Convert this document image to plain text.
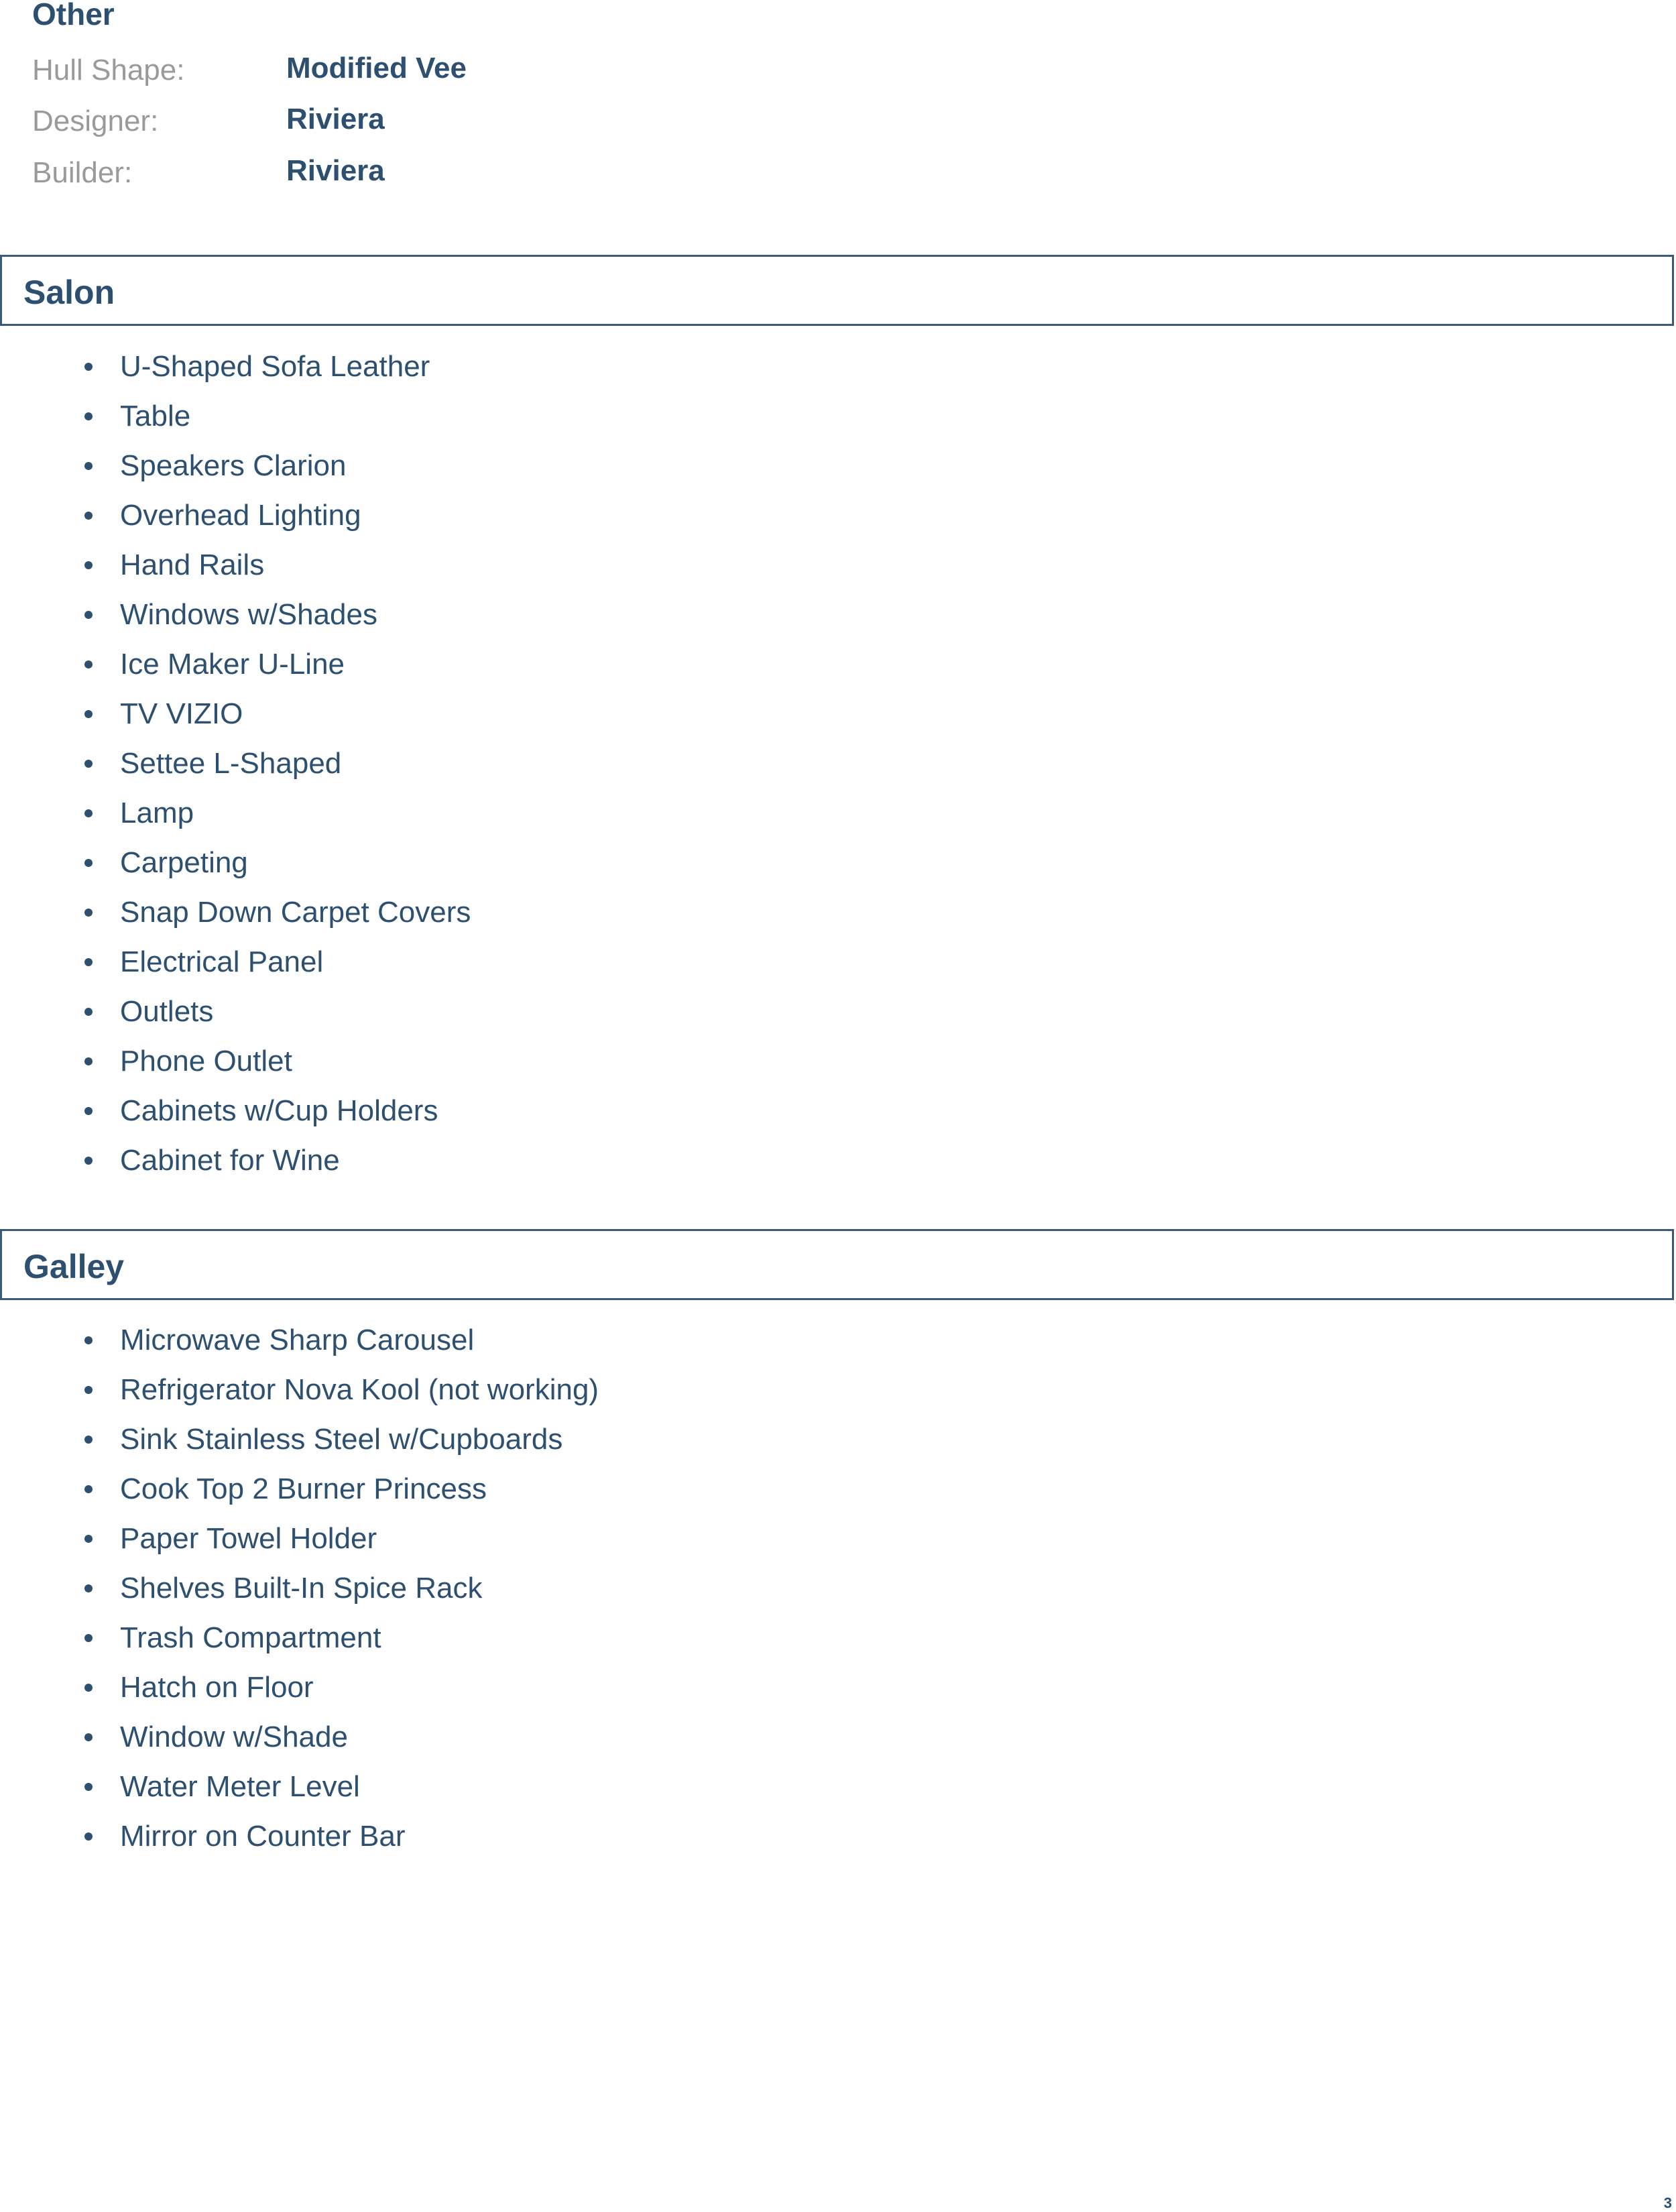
Other
Hull Shape:	Modified Vee
Designer:	Riviera
Builder:	Riviera
Salon
U-Shaped Sofa Leather
Table
Speakers Clarion
Overhead Lighting
Hand Rails
Windows w/Shades
Ice Maker U-Line
TV VIZIO
Settee L-Shaped
Lamp
Carpeting
Snap Down Carpet Covers
Electrical Panel
Outlets
Phone Outlet
Cabinets w/Cup Holders
Cabinet for Wine
Galley
Microwave Sharp Carousel
Refrigerator Nova Kool (not working)
Sink Stainless Steel w/Cupboards
Cook Top 2 Burner Princess
Paper Towel Holder
Shelves Built-In Spice Rack
Trash Compartment
Hatch on Floor
Window w/Shade
Water Meter Level
Mirror on Counter Bar
3
